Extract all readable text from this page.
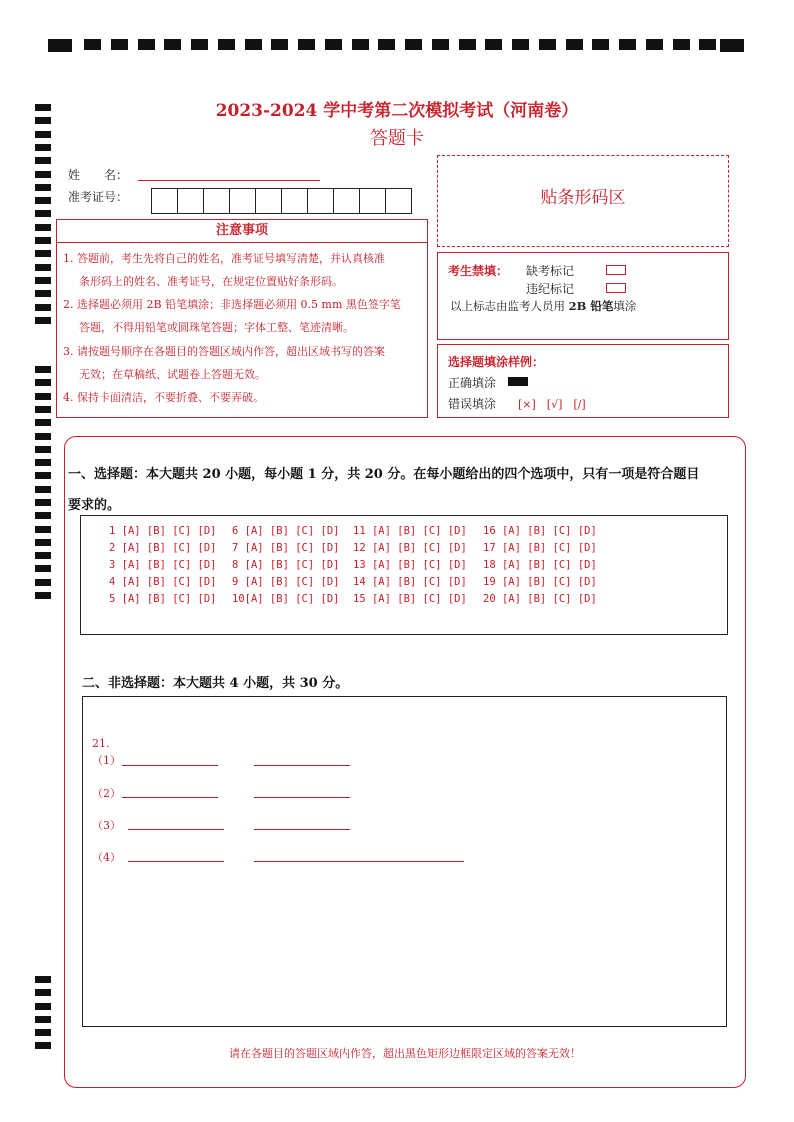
2023-2024 学中考第二次模拟考试（河南卷）
答题卡
姓　　名：
准考证号：
注意事项
1. 答题前，考生先将自己的姓名，准考证号填写清楚，并认真核准
条形码上的姓名、准考证号，在规定位置贴好条形码。
2. 选择题必须用 2B 铅笔填涂；非选择题必须用 0.5 mm 黑色签字笔
答题，不得用铅笔或圆珠笔答题；字体工整、笔迹清晰。
3. 请按题号顺序在各题目的答题区域内作答，超出区域书写的答案
无效；在草稿纸、试题卷上答题无效。
4. 保持卡面清洁，不要折叠、不要弄破。
贴条形码区
考生禁填： 缺考标记
违纪标记
以上标志由监考人员用 2B 铅笔填涂
选择题填涂样例：
正确填涂
错误填涂 [×]　[√]　[/]
一、选择题：本大题共 20 小题，每小题 1 分，共 20 分。在每小题给出的四个选项中，只有一项是符合题目
要求的。
1 [A] [B] [C] [D]
2 [A] [B] [C] [D]
3 [A] [B] [C] [D]
4 [A] [B] [C] [D]
5 [A] [B] [C] [D]
6 [A] [B] [C] [D]
7 [A] [B] [C] [D]
8 [A] [B] [C] [D]
9 [A] [B] [C] [D]
10[A] [B] [C] [D]
11 [A] [B] [C] [D]
12 [A] [B] [C] [D]
13 [A] [B] [C] [D]
14 [A] [B] [C] [D]
15 [A] [B] [C] [D]
16 [A] [B] [C] [D]
17 [A] [B] [C] [D]
18 [A] [B] [C] [D]
19 [A] [B] [C] [D]
20 [A] [B] [C] [D]
二、非选择题：本大题共 4 小题，共 30 分。
21.
（1）
（2）
（3）
（4）
请在各题目的答题区域内作答，超出黑色矩形边框限定区域的答案无效！
